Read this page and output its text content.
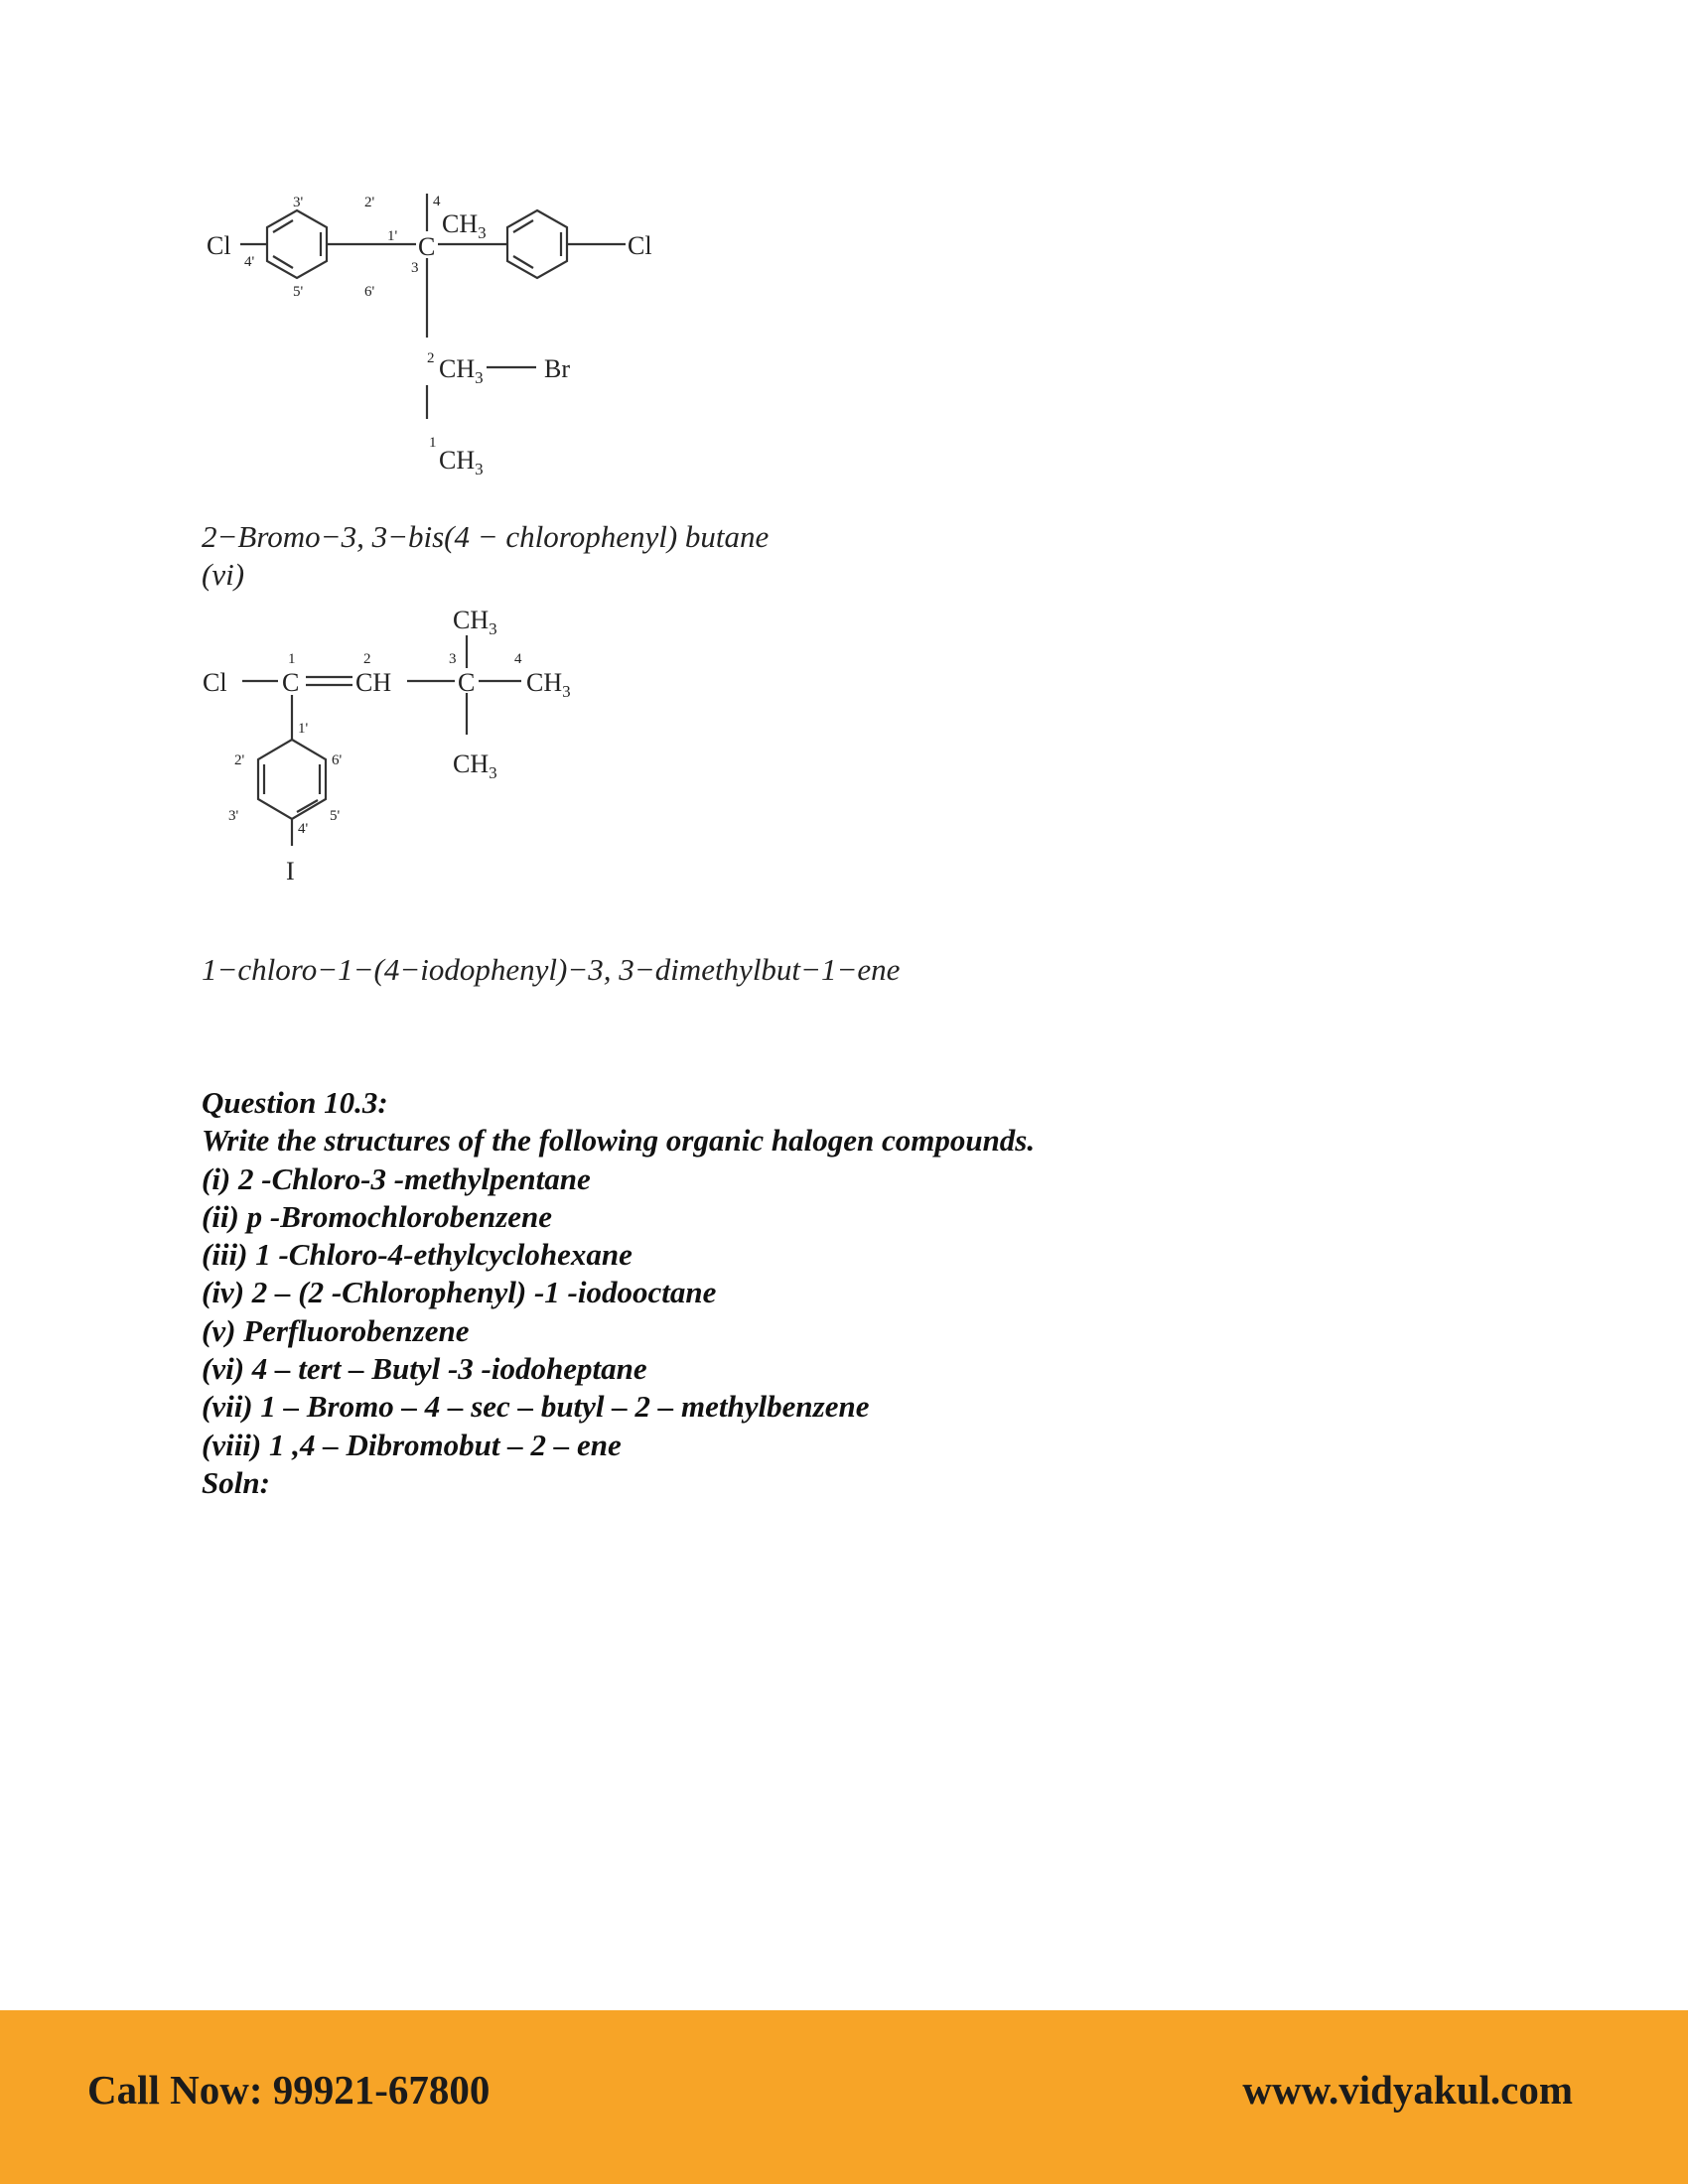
Cl	Cl
C
$CH_3$
$CH_3$ Br
$CH_3$
4
3
2
1
3'	2'
1'
4'
5'	6'

2−Bromo−3, 3−bis(4 − chlorophenyl) butane

(vi)

Cl C CH	C
$CH_3$
$CH_3$
$CH_3$
I
1	2	3	4
1'
2'
3'
4'
5'
6'

1−chloro−1−(4−iodophenyl)−3, 3−dimethylbut−1−ene

Question 10.3:
Write the structures of the following organic halogen compounds.
(i) 2 -Chloro-3 -methylpentane
(ii) p -Bromochlorobenzene
(iii) 1 -Chloro-4-ethylcyclohexane
(iv) 2 – (2 -Chlorophenyl) -1 -iodooctane
(v) Perfluorobenzene
(vi) 4 – tert – Butyl -3 -iodoheptane
(vii) 1 – Bromo – 4 – sec – butyl – 2 – methylbenzene
(viii) 1 ,4 – Dibromobut – 2 – ene
Soln:
Call Now: 99921-67800	www.vidyakul.com
